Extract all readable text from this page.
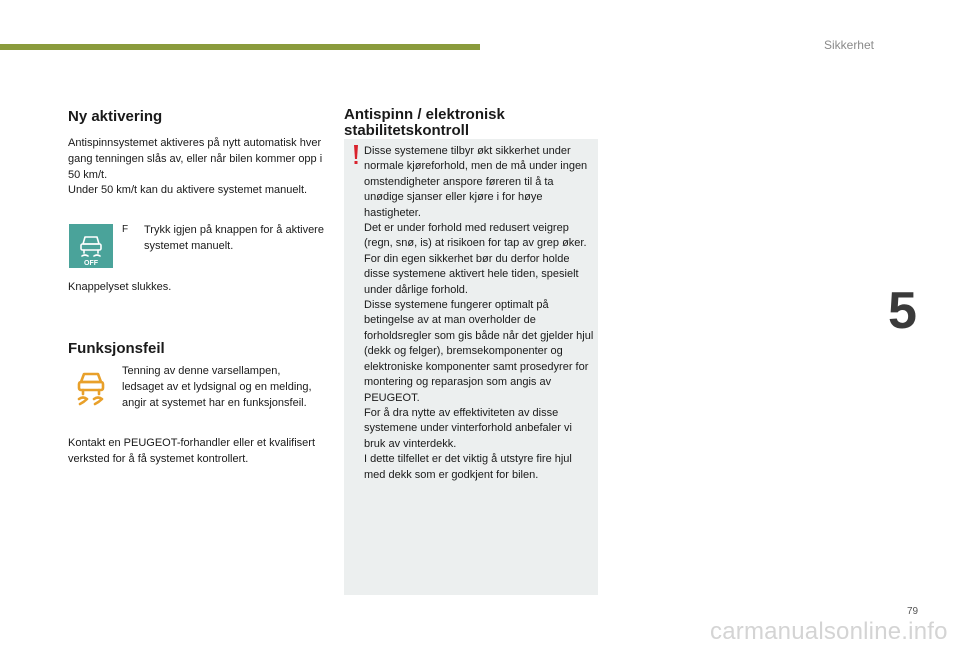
Sikkerhet
5
Ny aktivering

Antispinnsystemet aktiveres på nytt automatisk hver gang tenningen slås av, eller når bilen kommer opp i 50 km/t.

Under 50 km/t kan du aktivere systemet manuelt.

OFF
F Trykk igjen på knappen for å aktivere systemet manuelt.

Knappelyset slukkes.

Funksjonsfeil

Tenning av denne varsellampen, ledsaget av et lydsignal og en melding, angir at systemet har en funksjonsfeil.

Kontakt en PEUGEOT-forhandler eller et kvalifisert verksted for å få systemet kontrollert.

Antispinn / elektronisk stabilitetskontroll

Disse systemene tilbyr økt sikkerhet under normale kjøreforhold, men de må under ingen omstendigheter anspore føreren til å ta unødige sjanser eller kjøre i for høye hastigheter.
Det er under forhold med redusert veigrep (regn, snø, is) at risikoen for tap av grep øker. For din egen sikkerhet bør du derfor holde disse systemene aktivert hele tiden, spesielt under dårlige forhold.
Disse systemene fungerer optimalt på betingelse av at man overholder de forholdsregler som gis både når det gjelder hjul (dekk og felger), bremsekomponenter og elektroniske komponenter samt prosedyrer for montering og reparasjon som angis av PEUGEOT.
For å dra nytte av effektiviteten av disse systemene under vinterforhold anbefaler vi bruk av vinterdekk.
I dette tilfellet er det viktig å utstyre fire hjul med dekk som er godkjent for bilen.

79
carmanualsonline.info
